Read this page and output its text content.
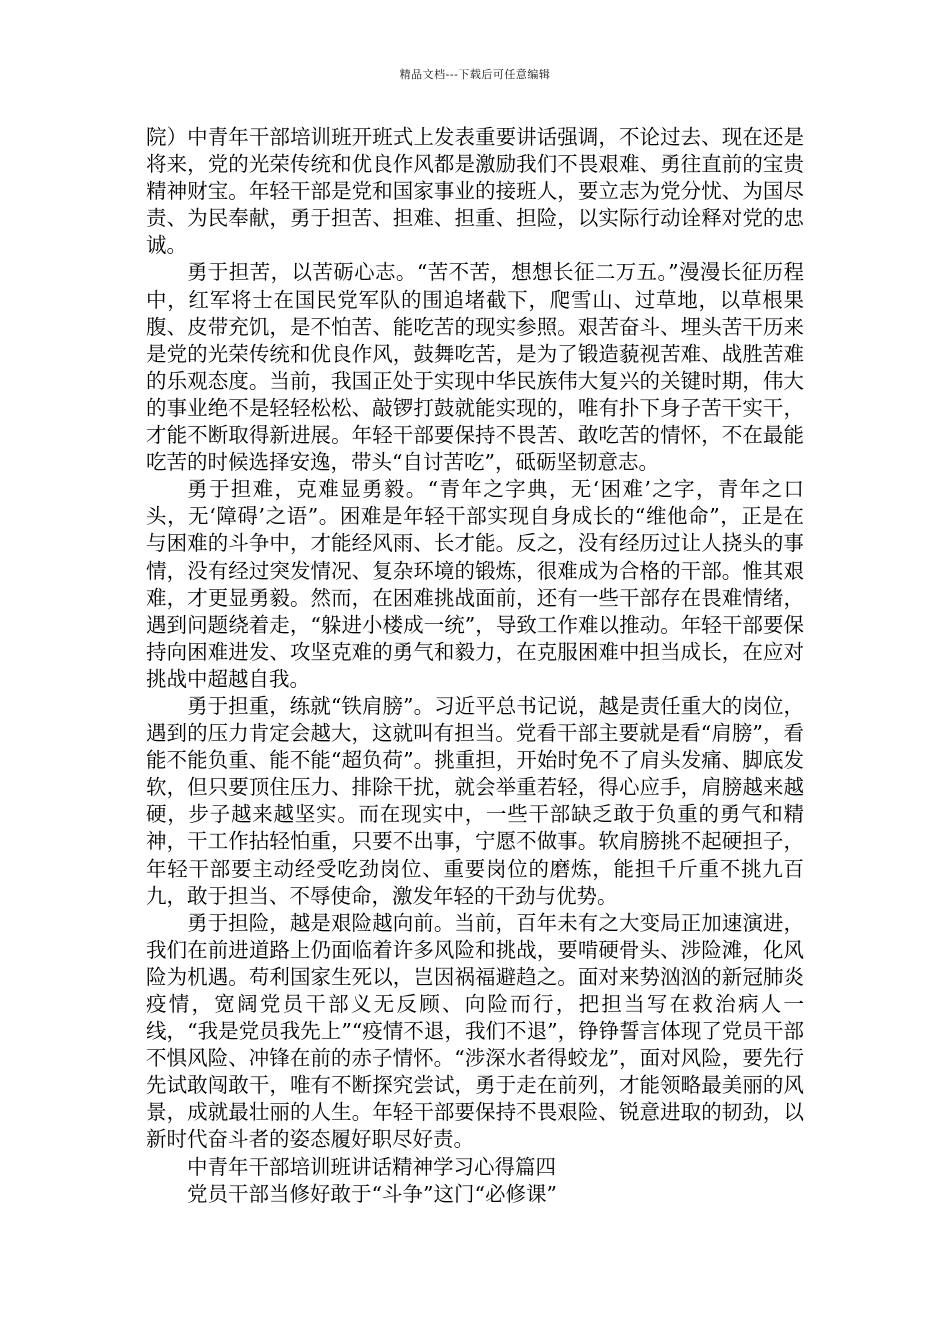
精品文档---下载后可任意编辑

院）中青年干部培训班开班式上发表重要讲话强调，不论过去、现在还是将来，党的光荣传统和优良作风都是激励我们不畏艰难、勇往直前的宝贵精神财宝。年轻干部是党和国家事业的接班人，要立志为党分忧、为国尽责、为民奉献，勇于担苦、担难、担重、担险，以实际行动诠释对党的忠诚。

勇于担苦，以苦砺心志。“苦不苦，想想长征二万五。”漫漫长征历程中，红军将士在国民党军队的围追堵截下，爬雪山、过草地，以草根果腹、皮带充饥，是不怕苦、能吃苦的现实参照。艰苦奋斗、埋头苦干历来是党的光荣传统和优良作风，鼓舞吃苦，是为了锻造藐视苦难、战胜苦难的乐观态度。当前，我国正处于实现中华民族伟大复兴的关键时期，伟大的事业绝不是轻轻松松、敲锣打鼓就能实现的，唯有扑下身子苦干实干，才能不断取得新进展。年轻干部要保持不畏苦、敢吃苦的情怀，不在最能吃苦的时候选择安逸，带头“自讨苦吃”，砥砺坚韧意志。

勇于担难，克难显勇毅。“青年之字典，无‘困难’之字，青年之口头，无‘障碍’之语”。困难是年轻干部实现自身成长的“维他命”，正是在与困难的斗争中，才能经风雨、长才能。反之，没有经历过让人挠头的事情，没有经过突发情况、复杂环境的锻炼，很难成为合格的干部。惟其艰难，才更显勇毅。然而，在困难挑战面前，还有一些干部存在畏难情绪，遇到问题绕着走，“躲进小楼成一统”，导致工作难以推动。年轻干部要保持向困难进发、攻坚克难的勇气和毅力，在克服困难中担当成长，在应对挑战中超越自我。

勇于担重，练就“铁肩膀”。习近平总书记说，越是责任重大的岗位，遇到的压力肯定会越大，这就叫有担当。党看干部主要就是看“肩膀”，看能不能负重、能不能“超负荷”。挑重担，开始时免不了肩头发痛、脚底发软，但只要顶住压力、排除干扰，就会举重若轻，得心应手，肩膀越来越硬，步子越来越坚实。而在现实中，一些干部缺乏敢于负重的勇气和精神，干工作拈轻怕重，只要不出事，宁愿不做事。软肩膀挑不起硬担子，年轻干部要主动经受吃劲岗位、重要岗位的磨炼，能担千斤重不挑九百九，敢于担当、不辱使命，激发年轻的干劲与优势。

勇于担险，越是艰险越向前。当前，百年未有之大变局正加速演进，我们在前进道路上仍面临着许多风险和挑战，要啃硬骨头、涉险滩，化风险为机遇。苟利国家生死以，岂因祸福避趋之。面对来势汹汹的新冠肺炎疫情，宽阔党员干部义无反顾、向险而行，把担当写在救治病人一线，“我是党员我先上”“疫情不退，我们不退”，铮铮誓言体现了党员干部不惧风险、冲锋在前的赤子情怀。“涉深水者得蛟龙”，面对风险，要先行先试敢闯敢干，唯有不断探究尝试，勇于走在前列，才能领略最美丽的风景，成就最壮丽的人生。年轻干部要保持不畏艰险、锐意进取的韧劲，以新时代奋斗者的姿态履好职尽好责。

中青年干部培训班讲话精神学习心得篇四

党员干部当修好敢于“斗争”这门“必修课”
